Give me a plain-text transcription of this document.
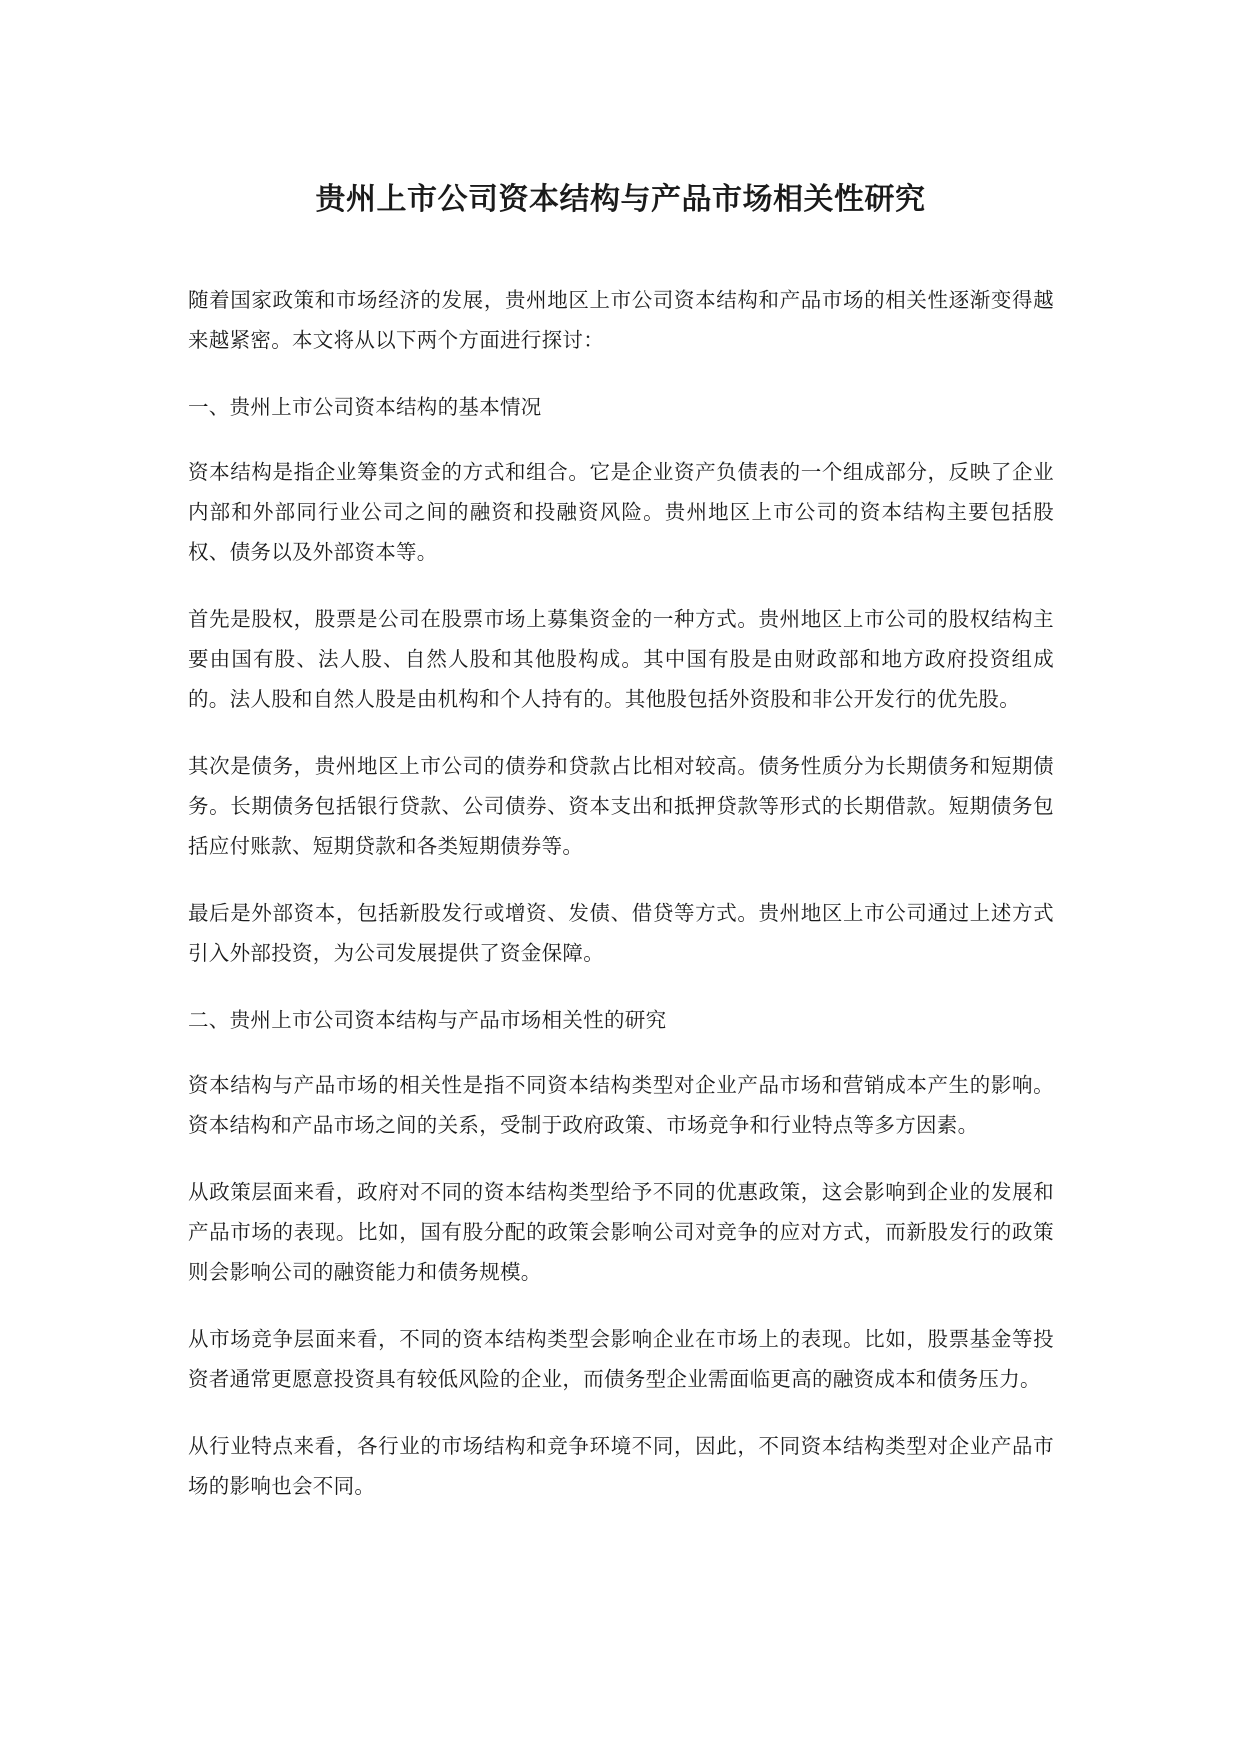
贵州上市公司资本结构与产品市场相关性研究

随着国家政策和市场经济的发展，贵州地区上市公司资本结构和产品市场的相关性逐渐变得越来越紧密。本文将从以下两个方面进行探讨：

一、贵州上市公司资本结构的基本情况

资本结构是指企业筹集资金的方式和组合。它是企业资产负债表的一个组成部分，反映了企业内部和外部同行业公司之间的融资和投融资风险。贵州地区上市公司的资本结构主要包括股权、债务以及外部资本等。

首先是股权，股票是公司在股票市场上募集资金的一种方式。贵州地区上市公司的股权结构主要由国有股、法人股、自然人股和其他股构成。其中国有股是由财政部和地方政府投资组成的。法人股和自然人股是由机构和个人持有的。其他股包括外资股和非公开发行的优先股。

其次是债务，贵州地区上市公司的债券和贷款占比相对较高。债务性质分为长期债务和短期债务。长期债务包括银行贷款、公司债券、资本支出和抵押贷款等形式的长期借款。短期债务包括应付账款、短期贷款和各类短期债券等。

最后是外部资本，包括新股发行或增资、发债、借贷等方式。贵州地区上市公司通过上述方式引入外部投资，为公司发展提供了资金保障。

二、贵州上市公司资本结构与产品市场相关性的研究

资本结构与产品市场的相关性是指不同资本结构类型对企业产品市场和营销成本产生的影响。资本结构和产品市场之间的关系，受制于政府政策、市场竞争和行业特点等多方因素。

从政策层面来看，政府对不同的资本结构类型给予不同的优惠政策，这会影响到企业的发展和产品市场的表现。比如，国有股分配的政策会影响公司对竞争的应对方式，而新股发行的政策则会影响公司的融资能力和债务规模。

从市场竞争层面来看，不同的资本结构类型会影响企业在市场上的表现。比如，股票基金等投资者通常更愿意投资具有较低风险的企业，而债务型企业需面临更高的融资成本和债务压力。

从行业特点来看，各行业的市场结构和竞争环境不同，因此，不同资本结构类型对企业产品市场的影响也会不同。
